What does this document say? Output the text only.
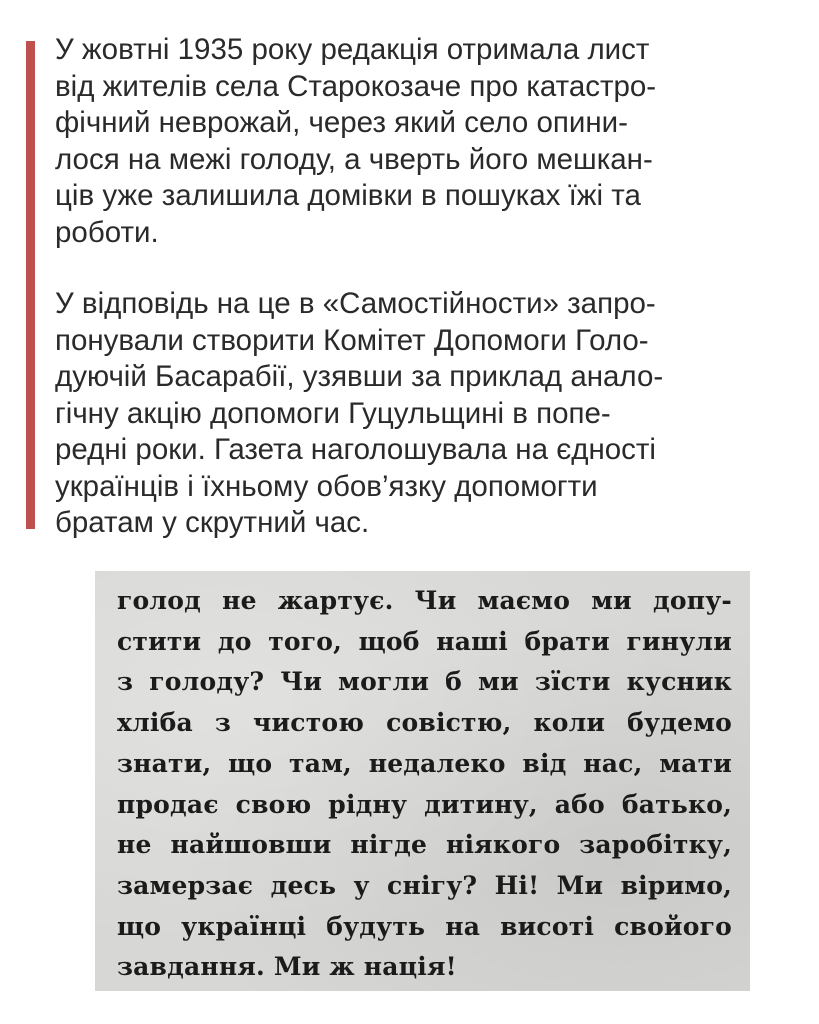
У жовтні 1935 року редакція отримала лист
від жителів села Старокозаче про катастро-
фічний неврожай, через який село опини-
лося на межі голоду, а чверть його мешкан-
ців уже залишила домівки в пошуках їжі та
роботи.
У відповідь на це в «Самостійности» запро-
понували створити Комітет Допомоги Голо-
дуючій Басарабії, узявши за приклад анало-
гічну акцію допомоги Гуцульщині в попе-
редні роки. Газета наголошувала на єдності
українців і їхньому обов’язку допомогти
братам у скрутний час.
голод не жартує. Чи маємо ми допу-
стити до того, щоб наші брати гинули
з голоду? Чи могли б ми зїсти кусник
хліба з чистою совістю, коли будемо
знати, що там, недалеко від нас, мати
продає свою рідну дитину, або батько,
не найшовши нігде ніякого заробітку,
замерзає десь у снігу? Ні! Ми віримо,
що українці будуть на висоті свойого
завдання. Ми ж нація!
